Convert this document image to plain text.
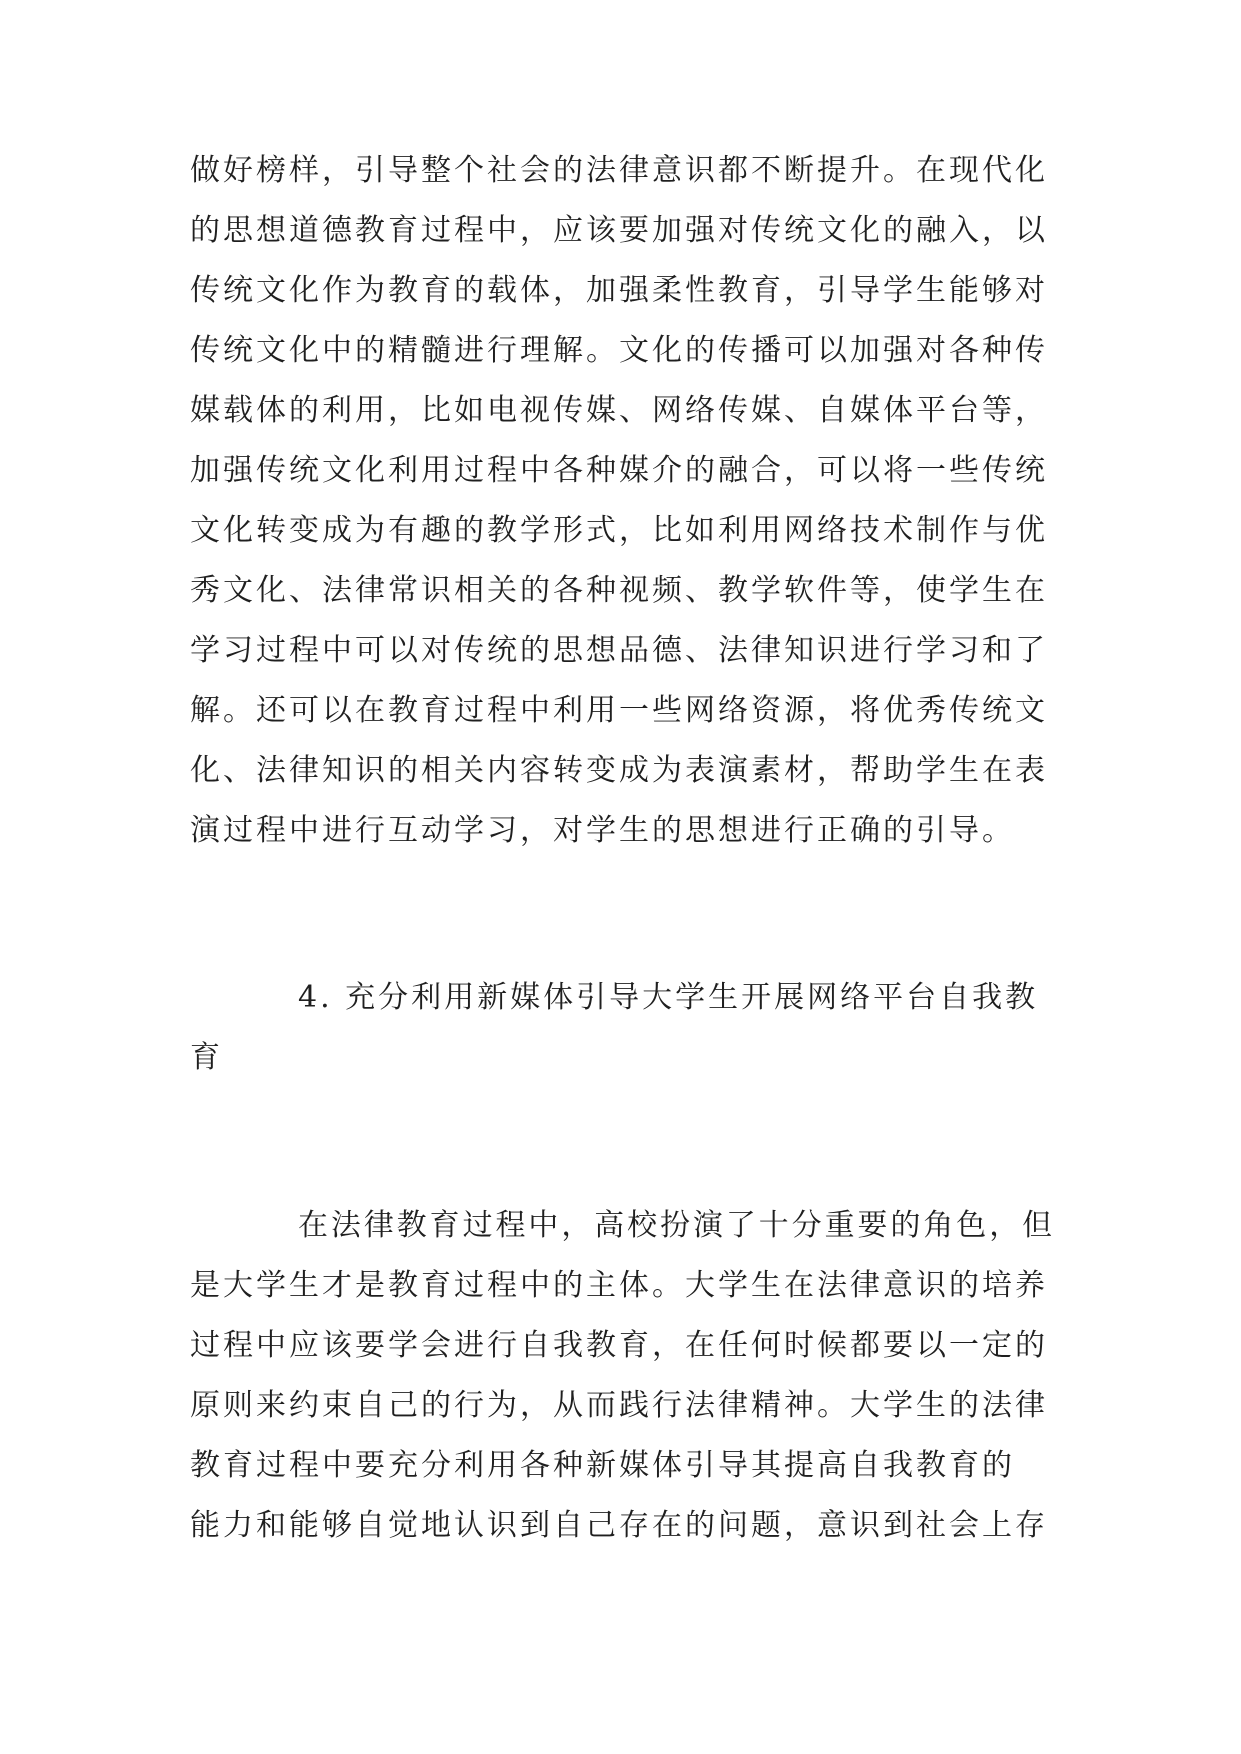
做好榜样，引导整个社会的法律意识都不断提升。在现代化
的思想道德教育过程中，应该要加强对传统文化的融入，以
传统文化作为教育的载体，加强柔性教育，引导学生能够对
传统文化中的精髓进行理解。文化的传播可以加强对各种传
媒载体的利用，比如电视传媒、网络传媒、自媒体平台等，
加强传统文化利用过程中各种媒介的融合，可以将一些传统
文化转变成为有趣的教学形式，比如利用网络技术制作与优
秀文化、法律常识相关的各种视频、教学软件等，使学生在
学习过程中可以对传统的思想品德、法律知识进行学习和了
解。还可以在教育过程中利用一些网络资源，将优秀传统文
化、法律知识的相关内容转变成为表演素材，帮助学生在表
演过程中进行互动学习，对学生的思想进行正确的引导。
4. 充分利用新媒体引导大学生开展网络平台自我教
育
在法律教育过程中，高校扮演了十分重要的角色，但
是大学生才是教育过程中的主体。大学生在法律意识的培养
过程中应该要学会进行自我教育，在任何时候都要以一定的
原则来约束自己的行为，从而践行法律精神。大学生的法律
教育过程中要充分利用各种新媒体引导其提高自我教育的
能力和能够自觉地认识到自己存在的问题，意识到社会上存
